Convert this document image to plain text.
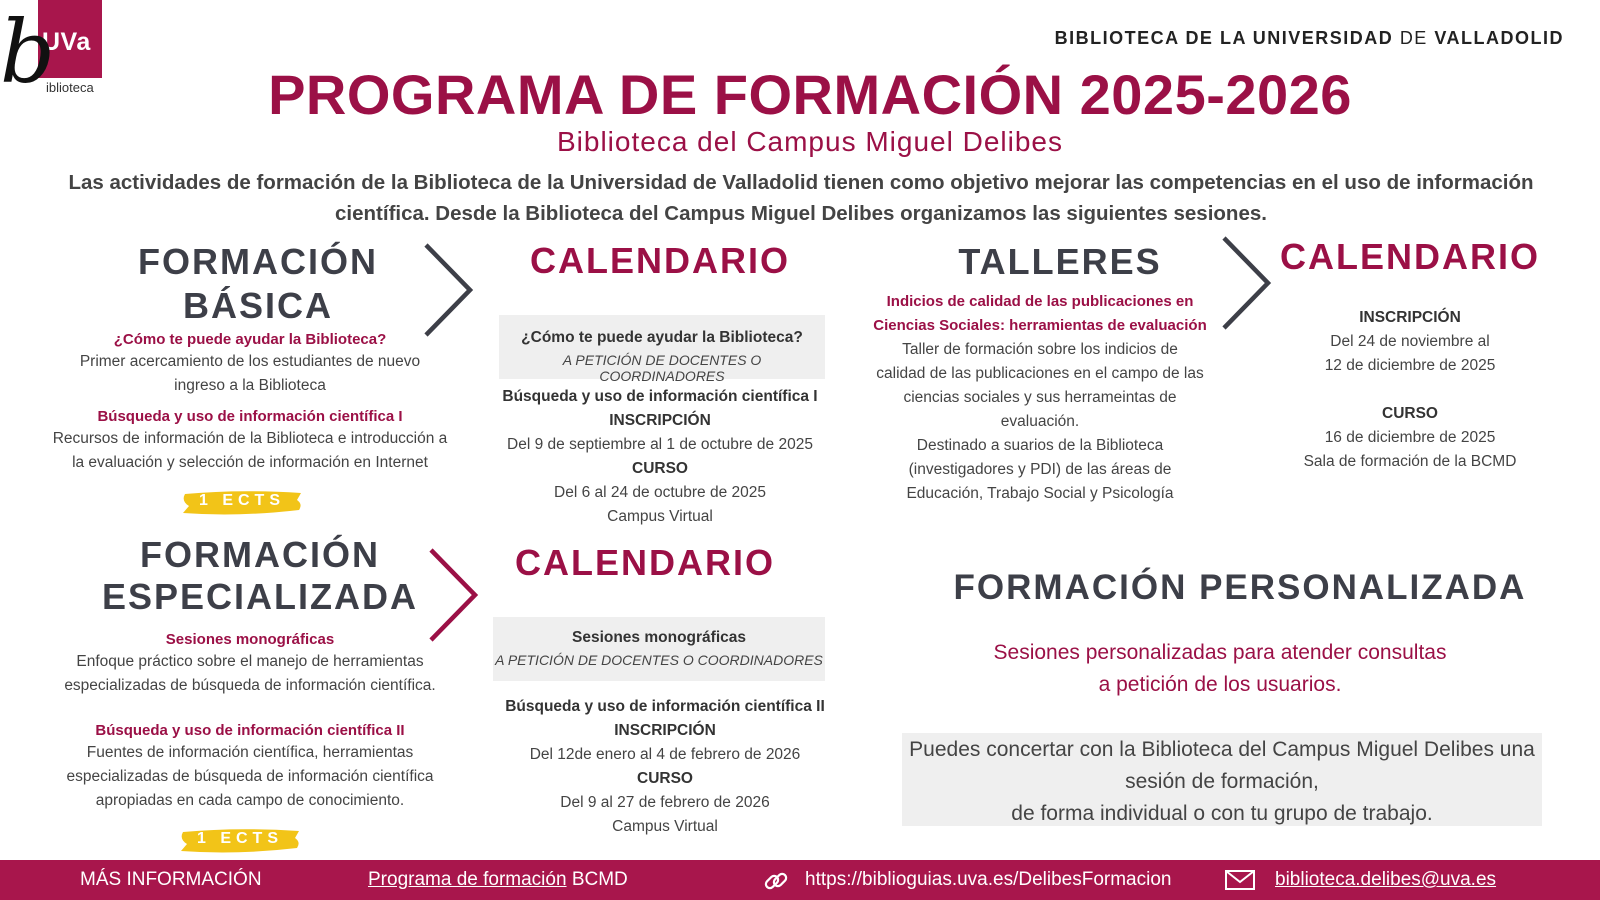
UVa
b
iblioteca
BIBLIOTECA DE LA UNIVERSIDAD DE VALLADOLID
PROGRAMA DE FORMACIÓN 2025-2026
Biblioteca del Campus Miguel Delibes
Las actividades de formación de la Biblioteca de la Universidad de Valladolid tienen como objetivo mejorar las competencias en el uso de información
científica. Desde la Biblioteca del Campus Miguel Delibes organizamos las siguientes sesiones.
FORMACIÓN
BÁSICA
¿Cómo te puede ayudar la Biblioteca?
Primer acercamiento de los estudiantes de nuevo
ingreso a la Biblioteca
Búsqueda y uso de información científica I
Recursos de información de la Biblioteca e introducción a
la evaluación y selección de información en Internet
1 ECTS
CALENDARIO
¿Cómo te puede ayudar la Biblioteca?
A PETICIÓN DE DOCENTES O COORDINADORES
Búsqueda y uso de información científica I
INSCRIPCIÓN
Del 9 de septiembre al 1 de octubre de 2025
CURSO
Del 6 al 24 de octubre de 2025
Campus Virtual
TALLERES
Indicios de calidad de las publicaciones en
Ciencias Sociales: herramientas de evaluación
Taller de formación sobre los indicios de
calidad de las publicaciones en el campo de las
ciencias sociales y sus herrameintas de
evaluación.
Destinado a suarios de la Biblioteca
(investigadores y PDI) de las áreas de
Educación, Trabajo Social y Psicología
CALENDARIO
INSCRIPCIÓN
Del 24 de noviembre al
12 de diciembre de 2025
CURSO
16 de diciembre de 2025
Sala de formación de la BCMD
FORMACIÓN
ESPECIALIZADA
Sesiones monográficas
Enfoque práctico sobre el manejo de herramientas
especializadas de búsqueda de información científica.
Búsqueda y uso de información científica II
Fuentes de información científica, herramientas
especializadas de búsqueda de información científica
apropiadas en cada campo de conocimiento.
1 ECTS
CALENDARIO
Sesiones monográficas
A PETICIÓN DE DOCENTES O COORDINADORES
Búsqueda y uso de información científica II
INSCRIPCIÓN
Del 12de enero al 4 de febrero de 2026
CURSO
Del 9 al 27 de febrero de 2026
Campus Virtual
FORMACIÓN PERSONALIZADA
Sesiones personalizadas para atender consultas
a petición de los usuarios.
Puedes concertar con la Biblioteca del Campus Miguel Delibes una
sesión de formación,
de forma individual o con tu grupo de trabajo.
MÁS INFORMACIÓN	Programa de formación BCMD	https://biblioguias.uva.es/DelibesFormacion	biblioteca.delibes@uva.es
